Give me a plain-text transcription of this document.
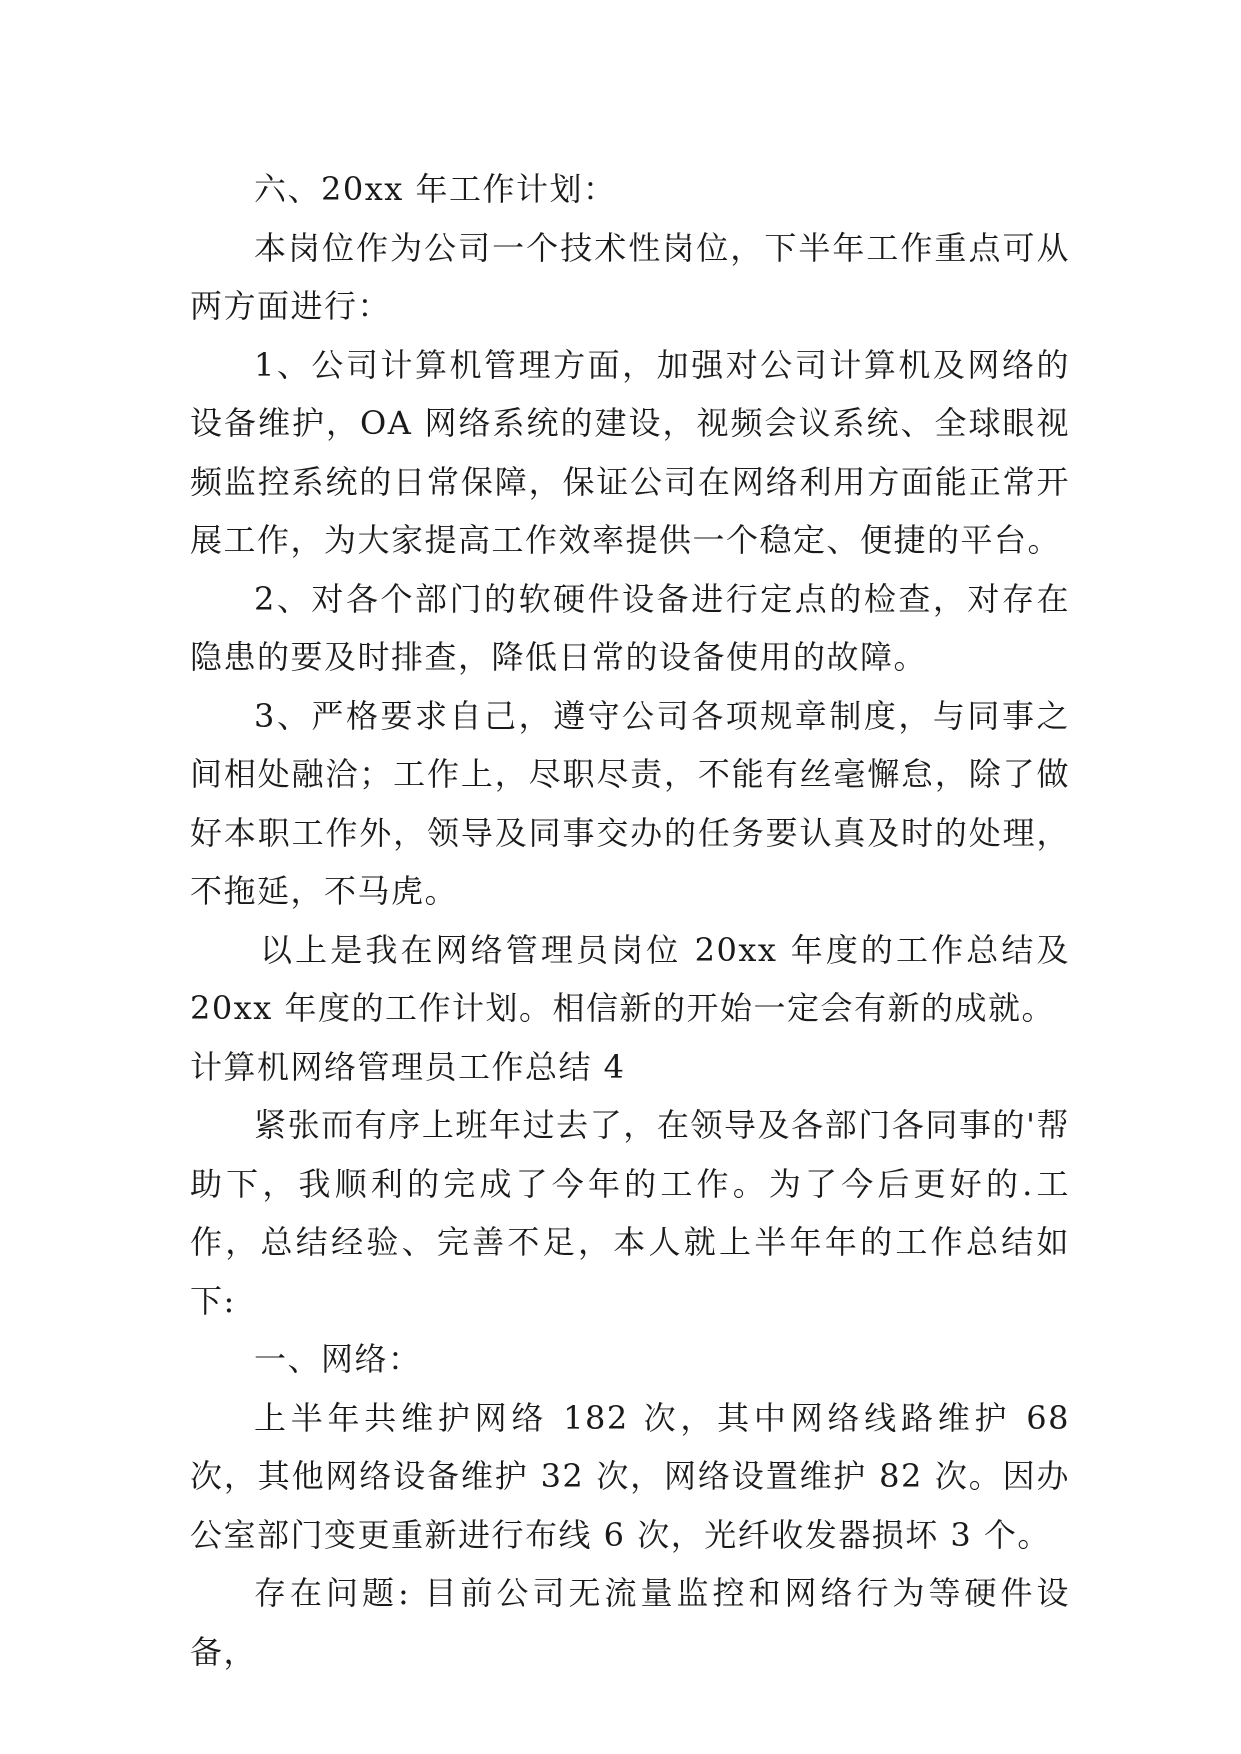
六、20xx 年工作计划：

本岗位作为公司一个技术性岗位，下半年工作重点可从两方面进行：

1、公司计算机管理方面，加强对公司计算机及网络的设备维护，OA 网络系统的建设，视频会议系统、全球眼视频监控系统的日常保障，保证公司在网络利用方面能正常开展工作，为大家提高工作效率提供一个稳定、便捷的平台。

2、对各个部门的软硬件设备进行定点的检查，对存在隐患的要及时排查，降低日常的设备使用的故障。

3、严格要求自己，遵守公司各项规章制度，与同事之间相处融洽；工作上，尽职尽责，不能有丝毫懈怠，除了做好本职工作外，领导及同事交办的任务要认真及时的处理，不拖延，不马虎。

以上是我在网络管理员岗位 20xx 年度的工作总结及 20xx 年度的工作计划。相信新的开始一定会有新的成就。

计算机网络管理员工作总结 4

紧张而有序上班年过去了，在领导及各部门各同事的'帮助下，我顺利的完成了今年的工作。为了今后更好的.工作，总结经验、完善不足，本人就上半年年的工作总结如下:

一、网络：

上半年共维护网络 182 次，其中网络线路维护 68 次，其他网络设备维护 32 次，网络设置维护 82 次。因办公室部门变更重新进行布线 6 次，光纤收发器损坏 3 个。

存在问题: 目前公司无流量监控和网络行为等硬件设备，
